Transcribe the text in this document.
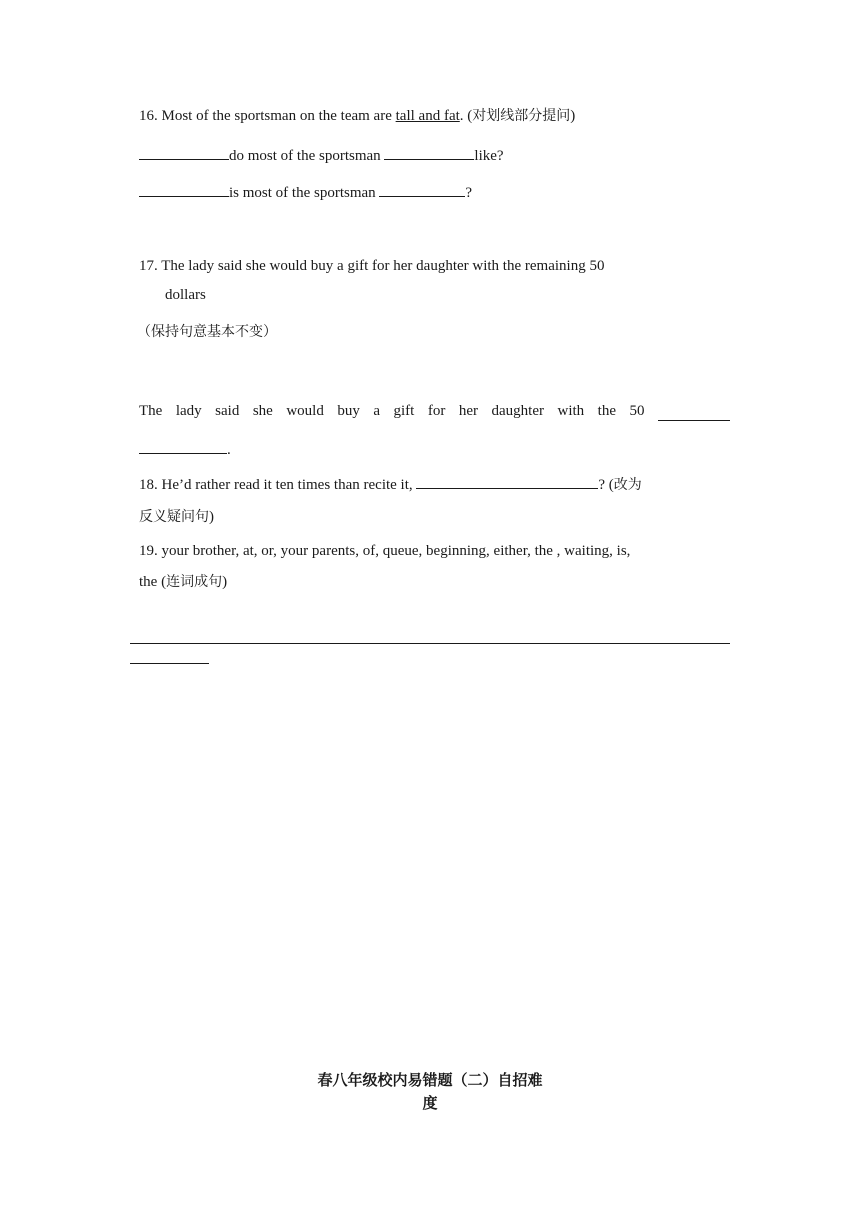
16. Most of the sportsman on the team are tall and fat. (对划线部分提问)
do most of the sportsman	like?
is most of the sportsman	?
17. The lady said she would buy a gift for her daughter with the remaining 50
dollars
（保持句意基本不变）
The lady said she would buy a gift for her daughter with the 50
.
18. He’d rather read it ten times than recite it,	? (改为
反义疑问句)
19. your brother, at, or, your parents, of, queue, beginning, either, the , waiting, is,
the (连词成句)
春八年级校内易错题（二）自招难
度
